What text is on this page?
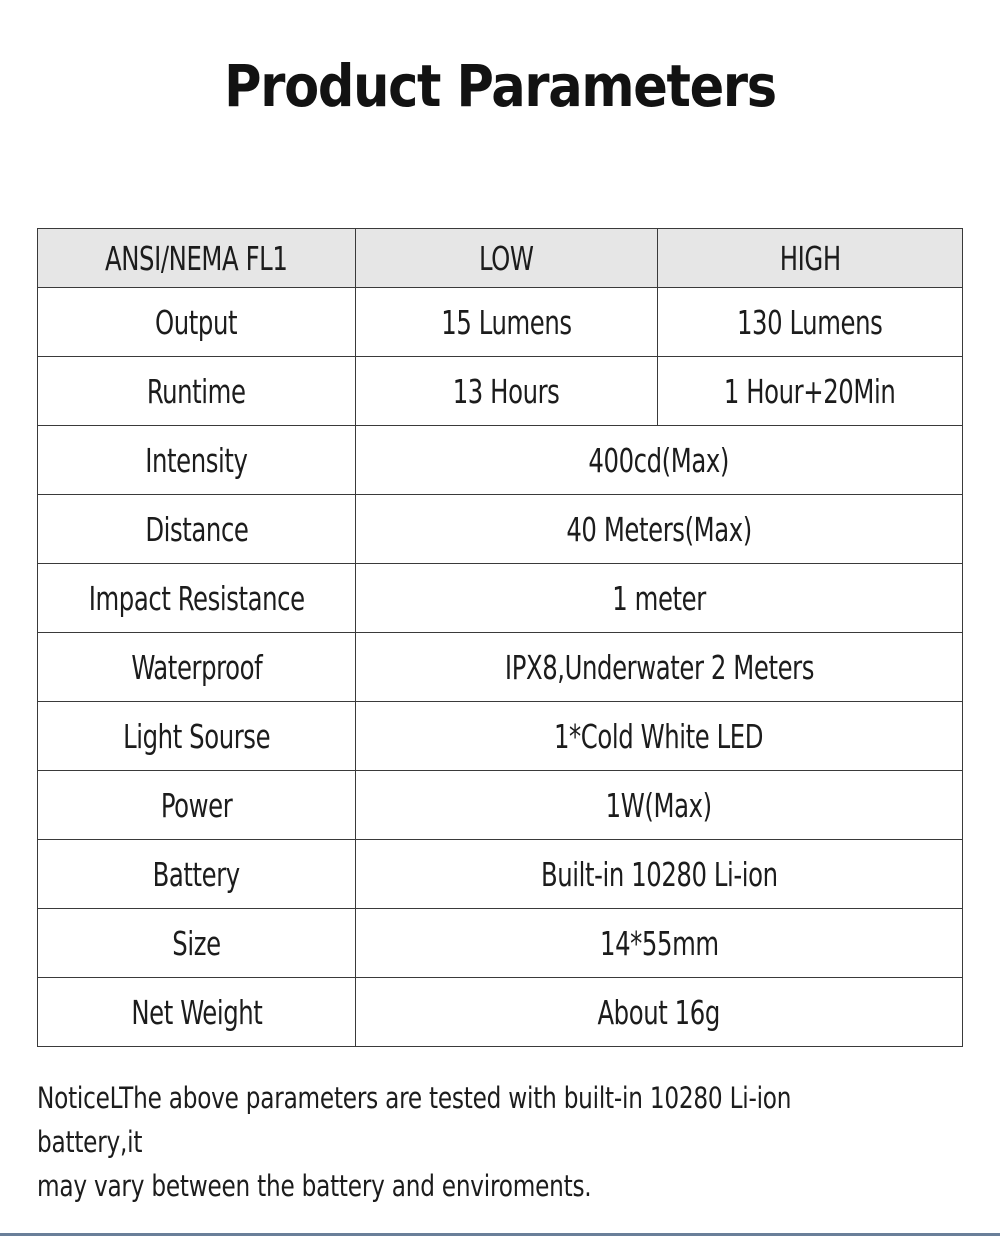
Product Parameters
ANSI/NEMA FL1	LOW	HIGH
Output	15 Lumens	130 Lumens
Runtime	13 Hours	1 Hour+20Min
Intensity	400cd(Max)	
Distance	40 Meters(Max)	
Impact Resistance	1 meter	
Waterproof	IPX8,Underwater 2 Meters	
Light Sourse	1*Cold White LED	
Power	1W(Max)	
Battery	Built-in 10280 Li-ion	
Size	14*55mm	
Net Weight	About 16g	

NoticeLThe above parameters are tested with built-in 10280 Li-ion battery,it

may vary between the battery and enviroments.
